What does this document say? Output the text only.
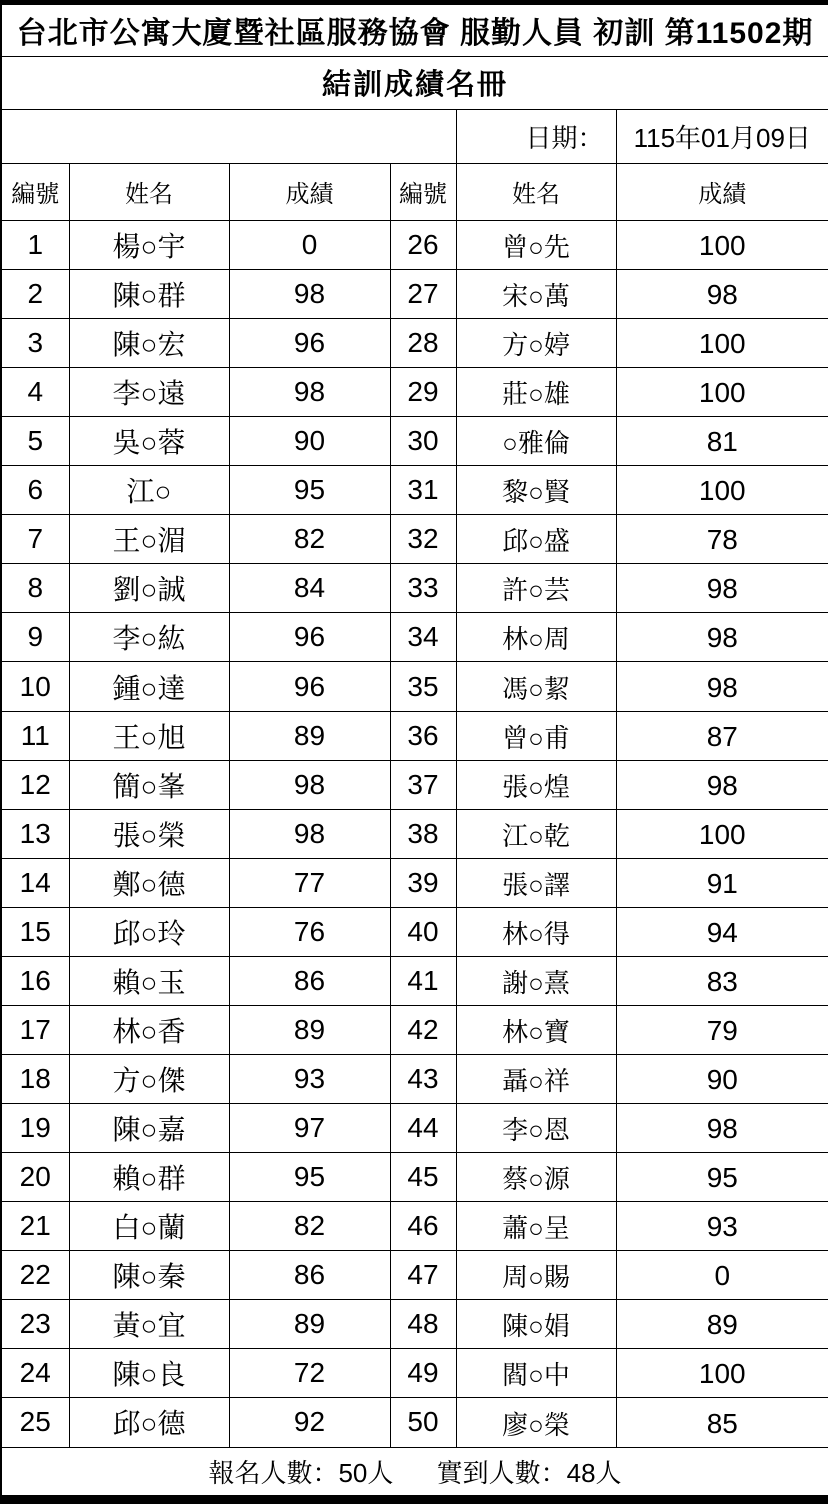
台北市公寓大廈暨社區服務協會 服勤人員 初訓 第11502期					
結訓成績名冊					
				日期：	115年01月09日
編號	姓名	成績	編號	姓名	成績
1	楊○宇	0	26	曾○先	100
2	陳○群	98	27	宋○萬	98
3	陳○宏	96	28	方○婷	100
4	李○遠	98	29	莊○雄	100
5	吳○蓉	90	30	○雅倫	81
6	江○	95	31	黎○賢	100
7	王○湄	82	32	邱○盛	78
8	劉○誠	84	33	許○芸	98
9	李○紘	96	34	林○周	98
10	鍾○達	96	35	馮○絜	98
11	王○旭	89	36	曾○甫	87
12	簡○峯	98	37	張○煌	98
13	張○榮	98	38	江○乾	100
14	鄭○德	77	39	張○譯	91
15	邱○玲	76	40	林○得	94
16	賴○玉	86	41	謝○熹	83
17	林○香	89	42	林○寶	79
18	方○傑	93	43	聶○祥	90
19	陳○嘉	97	44	李○恩	98
20	賴○群	95	45	蔡○源	95
21	白○蘭	82	46	蕭○呈	93
22	陳○秦	86	47	周○賜	0
23	黃○宜	89	48	陳○娟	89
24	陳○良	72	49	閻○中	100
25	邱○德	92	50	廖○榮	85
報名人數：50人 實到人數：48人					
